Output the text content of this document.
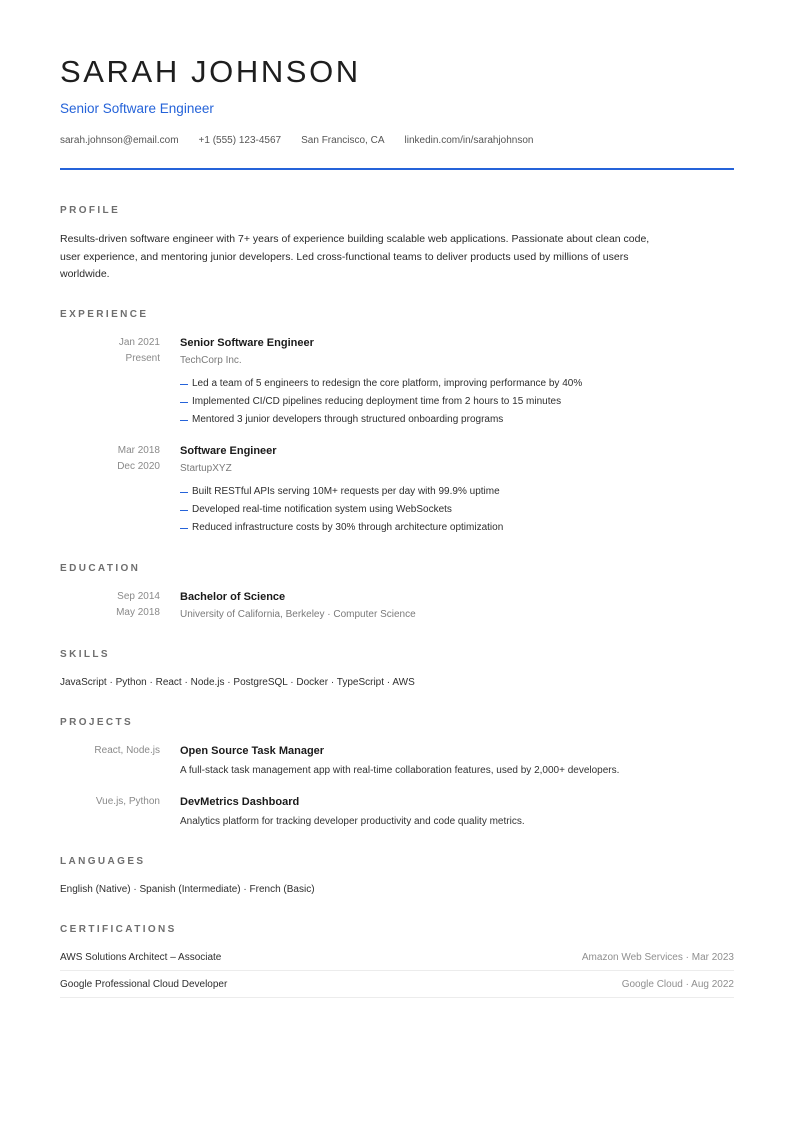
SARAH JOHNSON
Senior Software Engineer
sarah.johnson@email.com +1 (555) 123-4567 San Francisco, CA linkedin.com/in/sarahjohnson
PROFILE
Results-driven software engineer with 7+ years of experience building scalable web applications. Passionate about clean code, user experience, and mentoring junior developers. Led cross-functional teams to deliver products used by millions of users worldwide.
EXPERIENCE
Jan 2021
Present
Senior Software Engineer
TechCorp Inc.
Led a team of 5 engineers to redesign the core platform, improving performance by 40%
Implemented CI/CD pipelines reducing deployment time from 2 hours to 15 minutes
Mentored 3 junior developers through structured onboarding programs
Mar 2018
Dec 2020
Software Engineer
StartupXYZ
Built RESTful APIs serving 10M+ requests per day with 99.9% uptime
Developed real-time notification system using WebSockets
Reduced infrastructure costs by 30% through architecture optimization
EDUCATION
Sep 2014
May 2018
Bachelor of Science
University of California, Berkeley · Computer Science
SKILLS
JavaScript · Python · React · Node.js · PostgreSQL · Docker · TypeScript · AWS
PROJECTS
React, Node.js Open Source Task Manager
A full-stack task management app with real-time collaboration features, used by 2,000+ developers.
Vue.js, Python DevMetrics Dashboard
Analytics platform for tracking developer productivity and code quality metrics.
LANGUAGES
English (Native) · Spanish (Intermediate) · French (Basic)
CERTIFICATIONS
AWS Solutions Architect – Associate	Amazon Web Services · Mar 2023
Google Professional Cloud Developer	Google Cloud · Aug 2022
